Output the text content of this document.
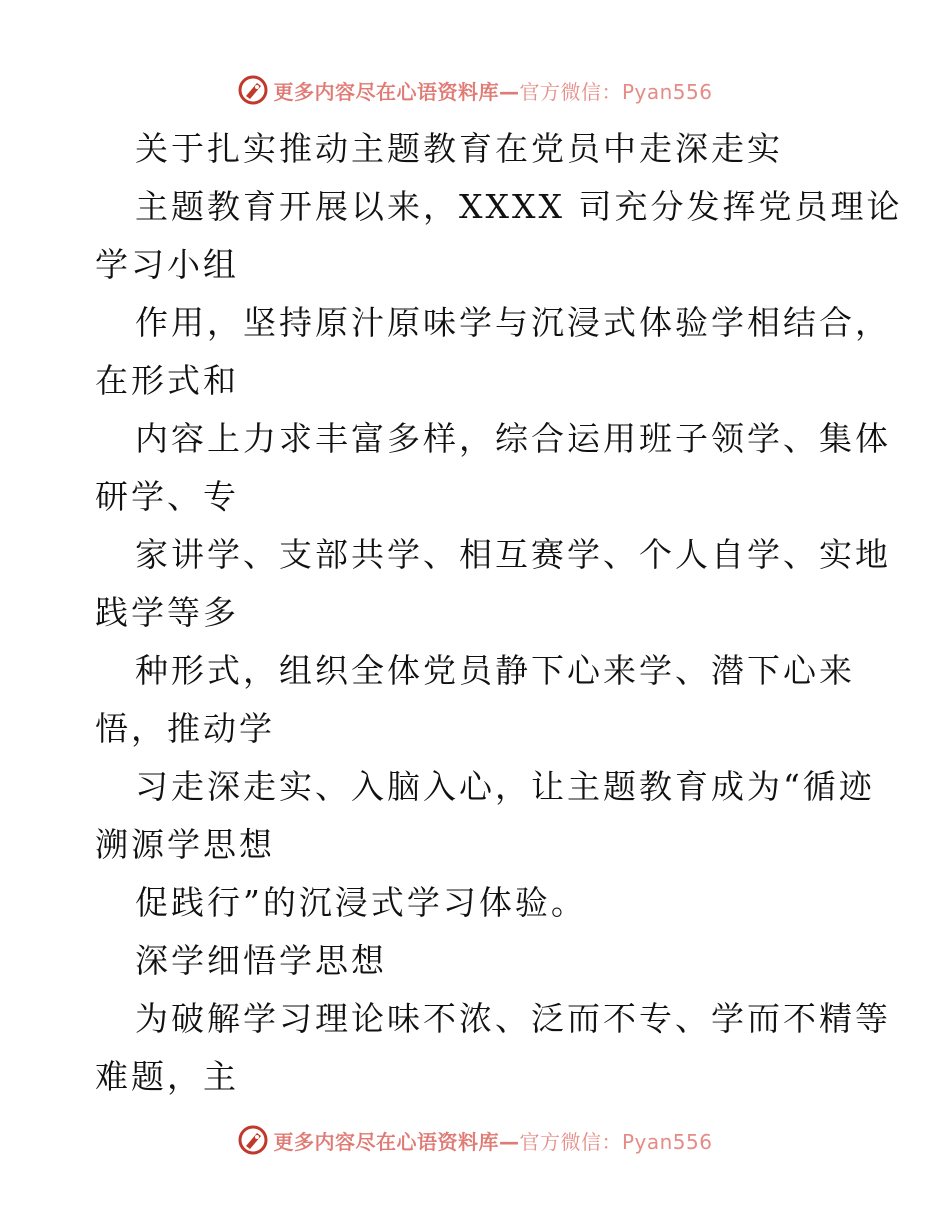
更多内容尽在心语资料库—官方微信：Pyan556
关于扎实推动主题教育在党员中走深走实
主题教育开展以来，XXXX 司充分发挥党员理论
学习小组
作用，坚持原汁原味学与沉浸式体验学相结合，
在形式和
内容上力求丰富多样，综合运用班子领学、集体
研学、专
家讲学、支部共学、相互赛学、个人自学、实地
践学等多
种形式，组织全体党员静下心来学、潜下心来
悟，推动学
习走深走实、入脑入心，让主题教育成为“循迹
溯源学思想
促践行”的沉浸式学习体验。
深学细悟学思想
为破解学习理论味不浓、泛而不专、学而不精等
难题，主
更多内容尽在心语资料库—官方微信：Pyan556
